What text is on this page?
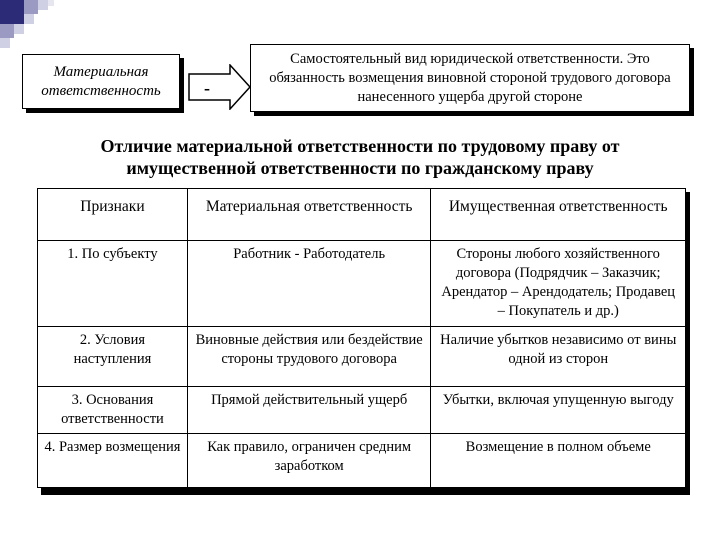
Материальная ответственность	-
Самостоятельный вид юридической ответственности. Это обязанность возмещения виновной стороной трудового договора нанесенного ущерба другой стороне
Отличие материальной ответственности по трудовому праву от имущественной ответственности по гражданскому праву
Признаки	Материальная ответственность	Имущественная ответственность
1. По субъекту	Работник - Работодатель	Стороны любого хозяйственного договора (Подрядчик – Заказчик; Арендатор – Арендодатель; Продавец – Покупатель и др.)
2. Условия наступления	Виновные действия или бездействие стороны трудового договора	Наличие убытков независимо от вины одной из сторон
3. Основания ответственности	Прямой действительный ущерб	Убытки, включая упущенную выгоду
4. Размер возмещения	Как правило, ограничен средним заработком	Возмещение в полном объеме
